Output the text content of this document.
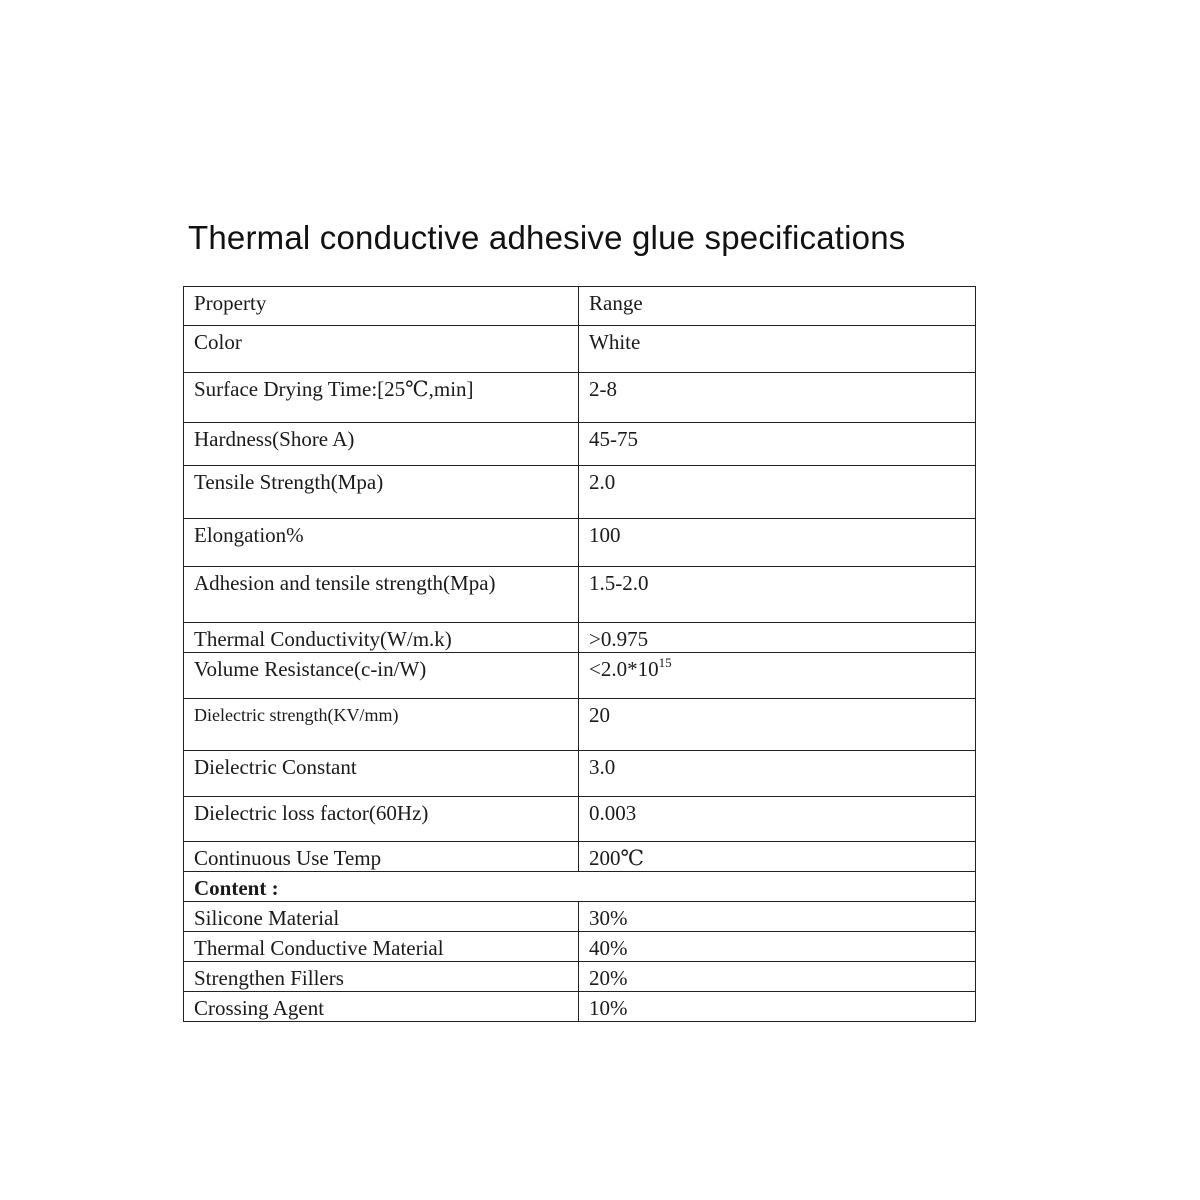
Thermal conductive adhesive glue specifications
Property	Range
Color	White
Surface Drying Time:[25℃,min]	2-8
Hardness(Shore A)	45-75
Tensile Strength(Mpa)	2.0
Elongation%	100
Adhesion and tensile strength(Mpa)	1.5-2.0
Thermal Conductivity(W/m.k)	>0.975
Volume Resistance(c-in/W)	$<2.0*10^{15}$
Dielectric strength(KV/mm)	20
Dielectric Constant	3.0
Dielectric loss factor(60Hz)	0.003
Continuous Use Temp	200℃
Content :	
Silicone Material	30%
Thermal Conductive Material	40%
Strengthen Fillers	20%
Crossing Agent	10%
